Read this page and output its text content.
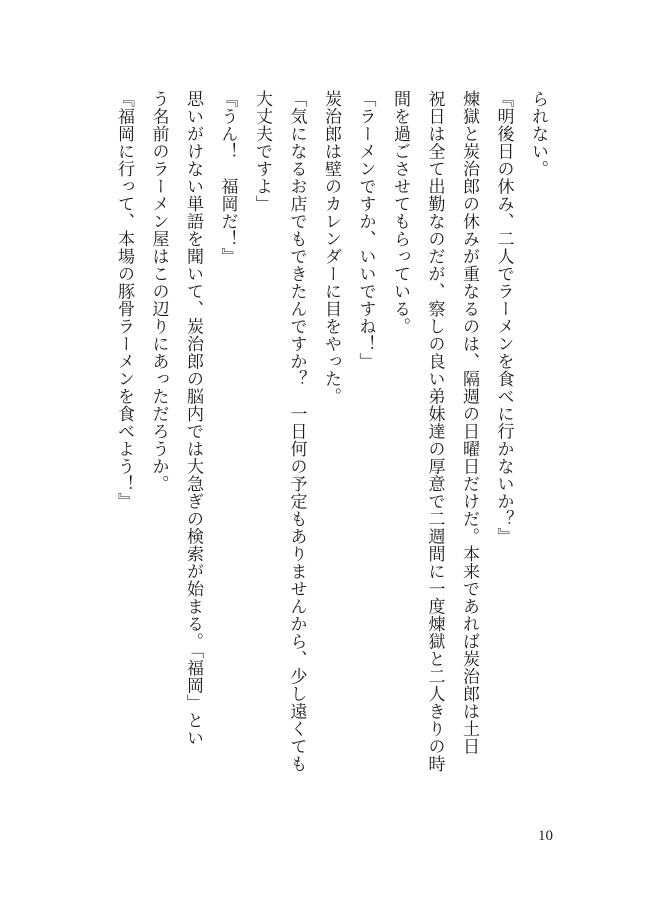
られない。
『明後日の休み、二人でラーメンを食べに行かないか？』
煉獄と炭治郎の休みが重なるのは、隔週の日曜日だけだ。本来であれば炭治郎は土日
祝日は全て出勤なのだが、察しの良い弟妹達の厚意で二週間に一度煉獄と二人きりの時
間を過ごさせてもらっている。
「ラーメンですか、いいですね！」
炭治郎は壁のカレンダーに目をやった。
「気になるお店でもできたんですか？　一日何の予定もありませんから、少し遠くても
大丈夫ですよ」
『うん！　福岡だ！』
思いがけない単語を聞いて、炭治郎の脳内では大急ぎの検索が始まる。「福岡」とい
う名前のラーメン屋はこの辺りにあっただろうか。
『福岡に行って、本場の豚骨ラーメンを食べよう！』
10
